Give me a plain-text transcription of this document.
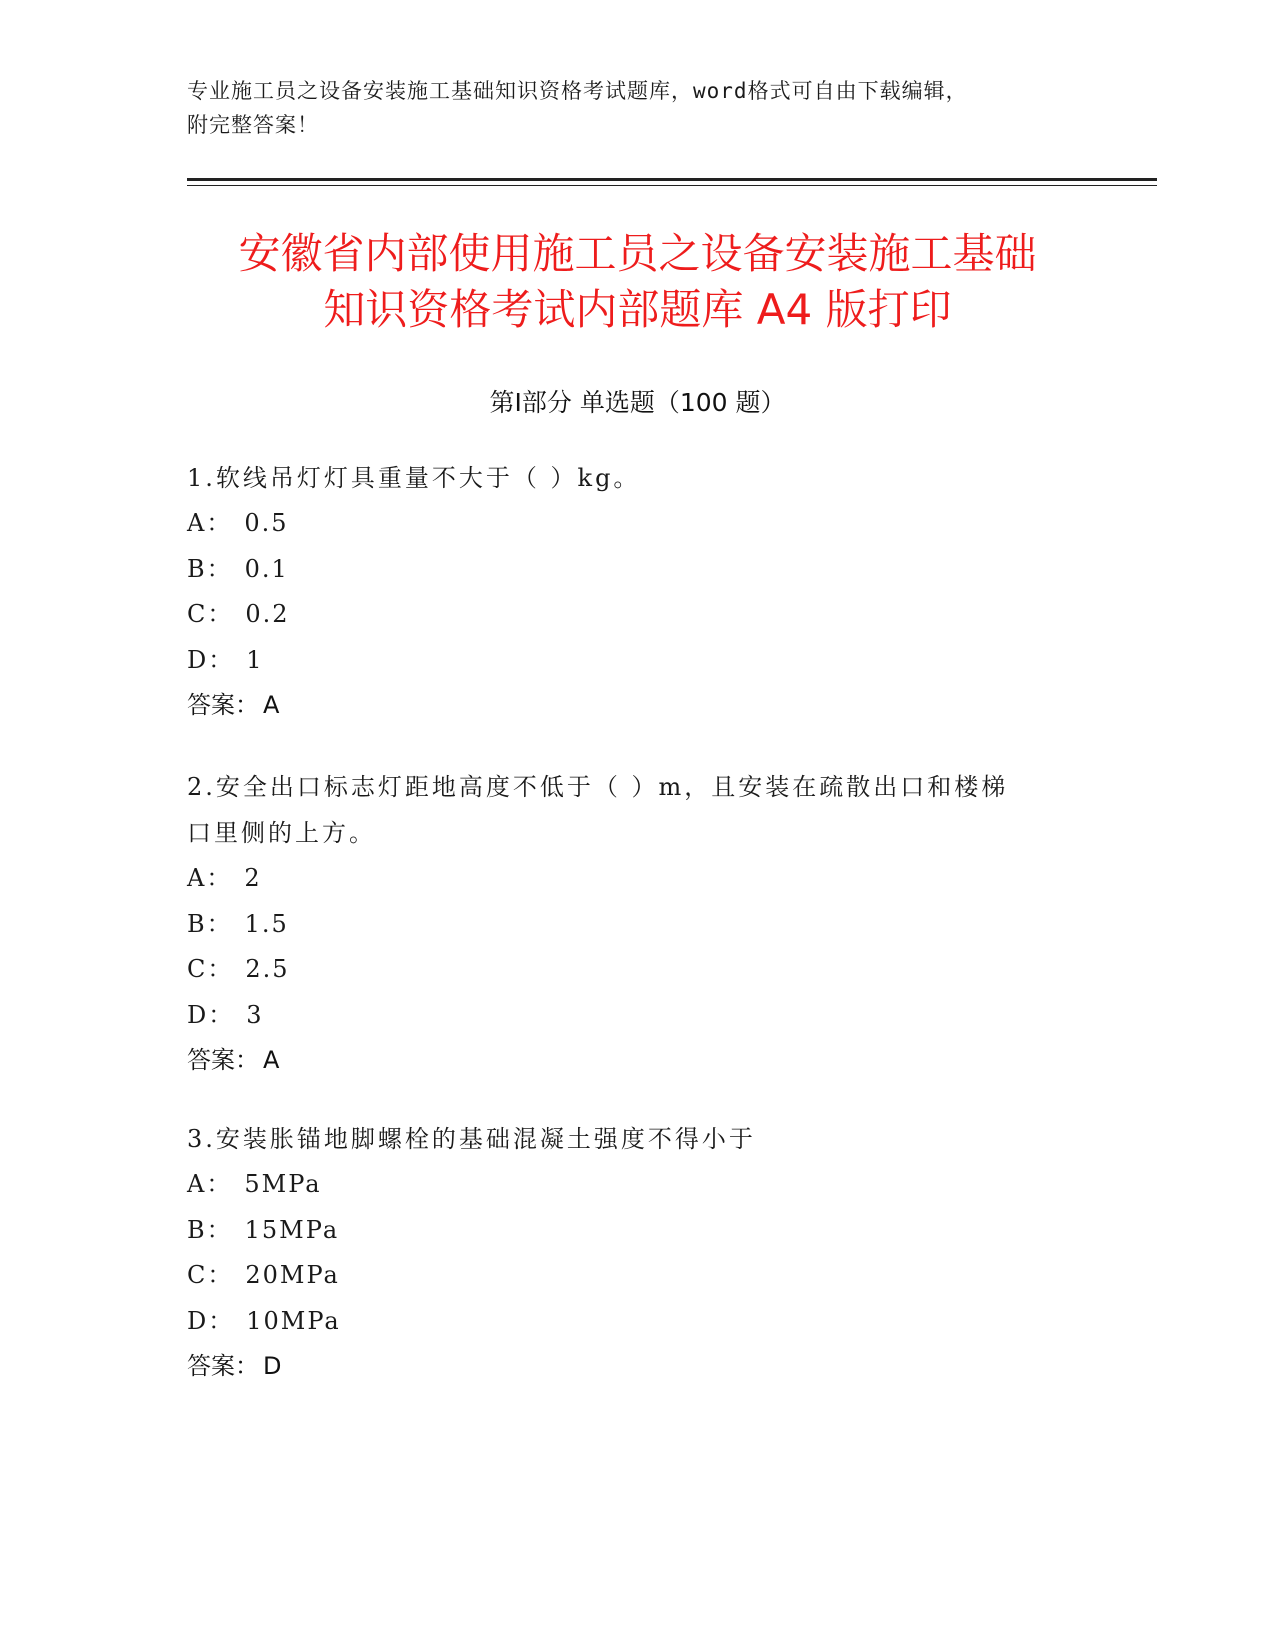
专业施工员之设备安装施工基础知识资格考试题库，word格式可自由下载编辑，
附完整答案！
安徽省内部使用施工员之设备安装施工基础
知识资格考试内部题库 A4 版打印
第Ⅰ部分 单选题（100 题）
1.软线吊灯灯具重量不大于（ ）kg。
A： 0.5
B： 0.1
C： 0.2
D： 1
答案： A
2.安全出口标志灯距地高度不低于（ ）m，且安装在疏散出口和楼梯
口里侧的上方。
A： 2
B： 1.5
C： 2.5
D： 3
答案： A
3.安装胀锚地脚螺栓的基础混凝土强度不得小于
A： 5MPa
B： 15MPa
C： 20MPa
D： 10MPa
答案： D
